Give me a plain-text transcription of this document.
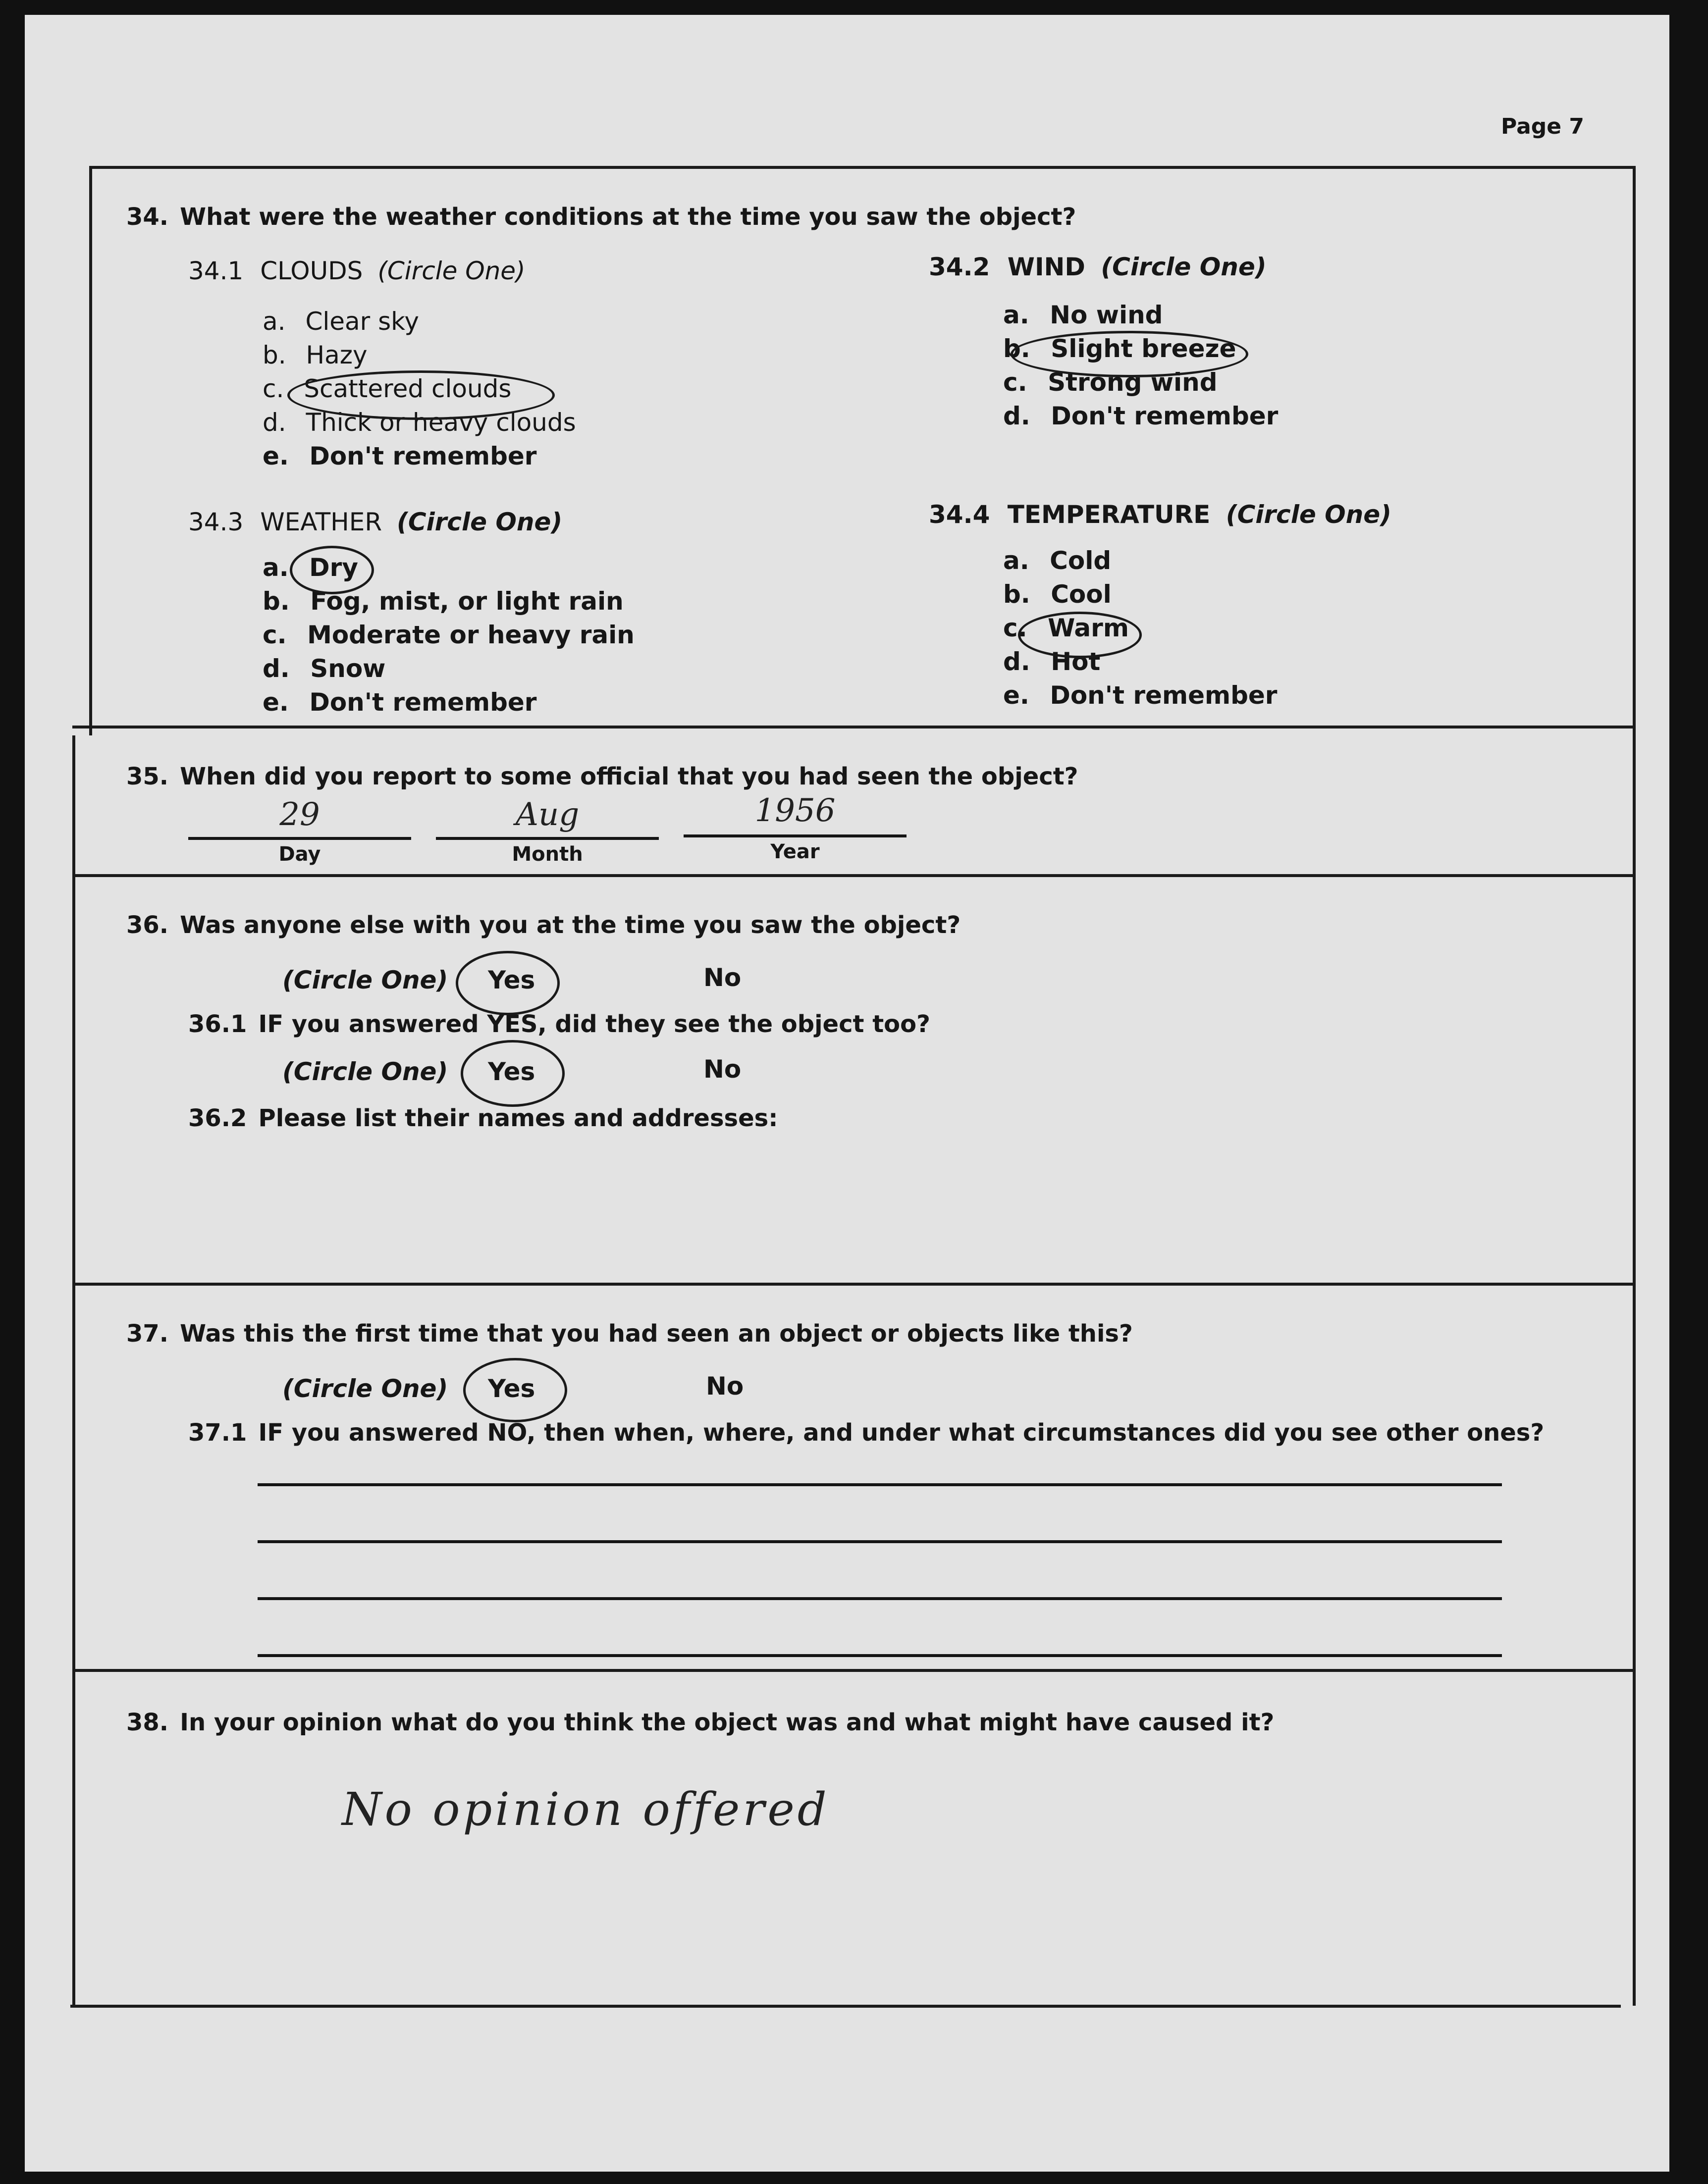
Page 7
34. What were the weather conditions at the time you saw the object?
34.1 CLOUDS (Circle One)
a. Clear sky
b. Hazy
c. Scattered clouds
d. Thick or heavy clouds
e. Don't remember
34.2 WIND (Circle One)
a. No wind
b. Slight breeze
c. Strong wind
d. Don't remember
34.3 WEATHER (Circle One)
a. Dry
b. Fog, mist, or light rain
c. Moderate or heavy rain
d. Snow
e. Don't remember
34.4 TEMPERATURE (Circle One)
a. Cold
b. Cool
c. Warm
d. Hot
e. Don't remember
35. When did you report to some official that you had seen the object?
29
Day
Aug
Month
1956
Year
36. Was anyone else with you at the time you saw the object?
(Circle One) Yes	No
36.1 IF you answered YES, did they see the object too?
(Circle One) Yes	No
36.2 Please list their names and addresses:
37. Was this the first time that you had seen an object or objects like this?
(Circle One) Yes	No
37.1 IF you answered NO, then when, where, and under what circumstances did you see other ones?
38. In your opinion what do you think the object was and what might have caused it?
No opinion offered
